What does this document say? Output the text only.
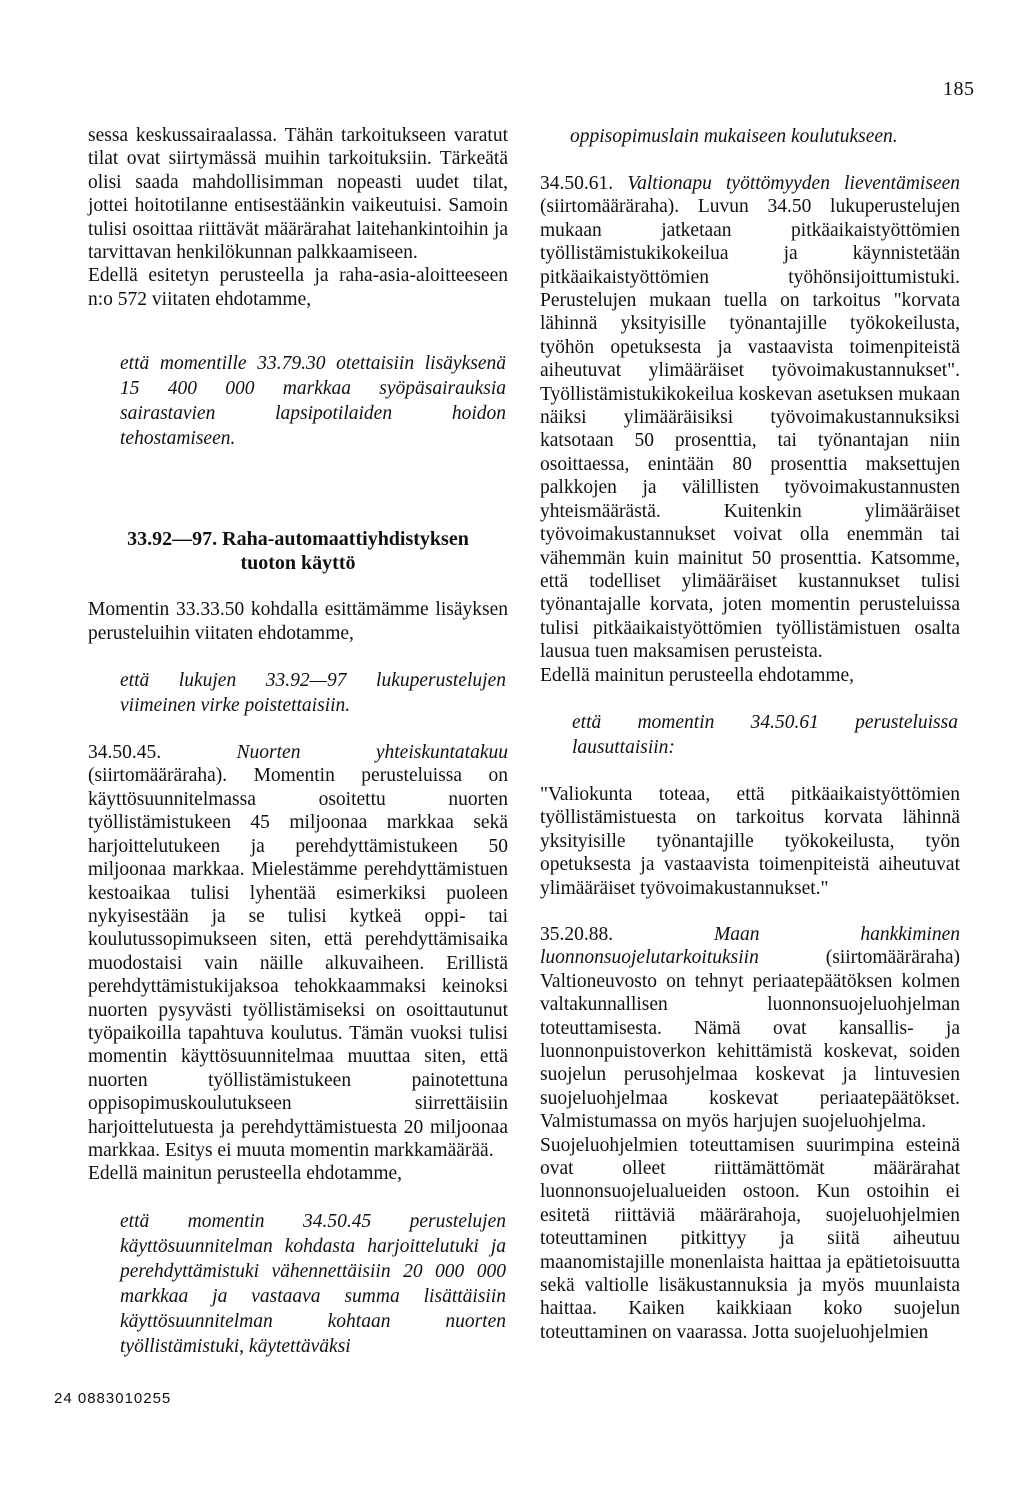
185

sessa keskussairaalassa. Tähän tarkoitukseen varatut tilat ovat siirtymässä muihin tarkoituksiin. Tärkeätä olisi saada mahdollisimman nopeasti uudet tilat, jottei hoitotilanne entisestäänkin vaikeutuisi. Samoin tulisi osoittaa riittävät määrärahat laitehankintoihin ja tarvittavan henkilökunnan palkkaamiseen.

Edellä esitetyn perusteella ja raha-asia-aloitteeseen n:o 572 viitaten ehdotamme,

että momentille 33.79.30 otettaisiin lisäyksenä 15 400 000 markkaa syöpäsairauksia sairastavien lapsipotilaiden hoidon tehostamiseen.

33.92—97. Raha-automaattiyhdistyksen
tuoton käyttö

Momentin 33.33.50 kohdalla esittämämme lisäyksen perusteluihin viitaten ehdotamme,

että lukujen 33.92—97 lukuperustelujen viimeinen virke poistettaisiin.

34.50.45. Nuorten yhteiskuntatakuu (siirtomääräraha). Momentin perusteluissa on käyttösuunnitelmassa osoitettu nuorten työllistämistukeen 45 miljoonaa markkaa sekä harjoittelutukeen ja perehdyttämistukeen 50 miljoonaa markkaa. Mielestämme perehdyttämistuen kestoaikaa tulisi lyhentää esimerkiksi puoleen nykyisestään ja se tulisi kytkeä oppi- tai koulutussopimukseen siten, että perehdyttämisaika muodostaisi vain näille alkuvaiheen. Erillistä perehdyttämistukijaksoa tehokkaammaksi keinoksi nuorten pysyvästi työllistämiseksi on osoittautunut työpaikoilla tapahtuva koulutus. Tämän vuoksi tulisi momentin käyttösuunnitelmaa muuttaa siten, että nuorten työllistämistukeen painotettuna oppisopimuskoulutukseen siirrettäisiin harjoittelutuesta ja perehdyttämistuesta 20 miljoonaa markkaa. Esitys ei muuta momentin markkamäärää.

Edellä mainitun perusteella ehdotamme,

että momentin 34.50.45 perustelujen käyttösuunnitelman kohdasta harjoittelutuki ja perehdyttämistuki vähennettäisiin 20 000 000 markkaa ja vastaava summa lisättäisiin käyttösuunnitelman kohtaan nuorten työllistämistuki, käytettäväksi

oppisopimuslain mukaiseen koulutukseen.

34.50.61. Valtionapu työttömyyden lieventämiseen (siirtomääräraha). Luvun 34.50 lukuperustelujen mukaan jatketaan pitkäaikaistyöttömien työllistämistukikokeilua ja käynnistetään pitkäaikaistyöttömien työhönsijoittumistuki. Perustelujen mukaan tuella on tarkoitus "korvata lähinnä yksityisille työnantajille työkokeilusta, työhön opetuksesta ja vastaavista toimenpiteistä aiheutuvat ylimääräiset työvoimakustannukset". Työllistämistukikokeilua koskevan asetuksen mukaan näiksi ylimääräisiksi työvoimakustannuksiksi katsotaan 50 prosenttia, tai työnantajan niin osoittaessa, enintään 80 prosenttia maksettujen palkkojen ja välillisten työvoimakustannusten yhteismäärästä. Kuitenkin ylimääräiset työvoimakustannukset voivat olla enemmän tai vähemmän kuin mainitut 50 prosenttia. Katsomme, että todelliset ylimääräiset kustannukset tulisi työnantajalle korvata, joten momentin perusteluissa tulisi pitkäaikaistyöttömien työllistämistuen osalta lausua tuen maksamisen perusteista.

Edellä mainitun perusteella ehdotamme,

että momentin 34.50.61 perusteluissa lausuttaisiin:

"Valiokunta toteaa, että pitkäaikaistyöttömien työllistämistuesta on tarkoitus korvata lähinnä yksityisille työnantajille työkokeilusta, työn opetuksesta ja vastaavista toimenpiteistä aiheutuvat ylimääräiset työvoimakustannukset."

35.20.88. Maan hankkiminen luonnonsuojelutarkoituksiin (siirtomääräraha) Valtioneuvosto on tehnyt periaatepäätöksen kolmen valtakunnallisen luonnonsuojeluohjelman toteuttamisesta. Nämä ovat kansallis- ja luonnonpuistoverkon kehittämistä koskevat, soiden suojelun perusohjelmaa koskevat ja lintuvesien suojeluohjelmaa koskevat periaatepäätökset. Valmistumassa on myös harjujen suojeluohjelma.

Suojeluohjelmien toteuttamisen suurimpina esteinä ovat olleet riittämättömät määrärahat luonnonsuojelualueiden ostoon. Kun ostoihin ei esitetä riittäviä määrärahoja, suojeluohjelmien toteuttaminen pitkittyy ja siitä aiheutuu maanomistajille monenlaista haittaa ja epätietoisuutta sekä valtiolle lisäkustannuksia ja myös muunlaista haittaa. Kaiken kaikkiaan koko suojelun toteuttaminen on vaarassa. Jotta suojeluohjelmien

24 0883010255
